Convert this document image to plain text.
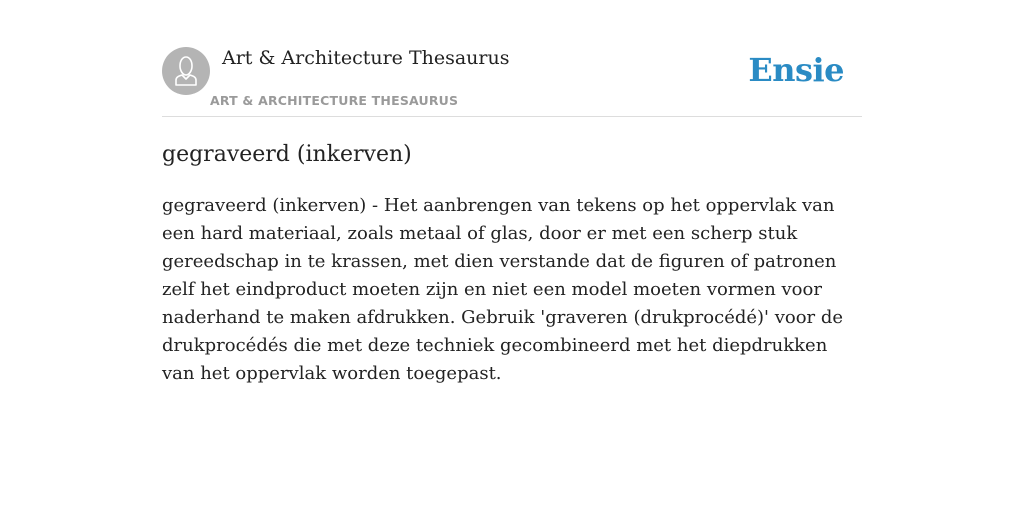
Art & Architecture Thesaurus
ART & ARCHITECTURE THESAURUS
Ensie
gegraveerd (inkerven)

gegraveerd (inkerven) - Het aanbrengen van tekens op het oppervlak van een hard materiaal, zoals metaal of glas, door er met een scherp stuk gereedschap in te krassen, met dien verstande dat de figuren of patronen zelf het eindproduct moeten zijn en niet een model moeten vormen voor naderhand te maken afdrukken. Gebruik 'graveren (drukprocédé)' voor de drukprocédés die met deze techniek gecombineerd met het diepdrukken van het oppervlak worden toegepast.
